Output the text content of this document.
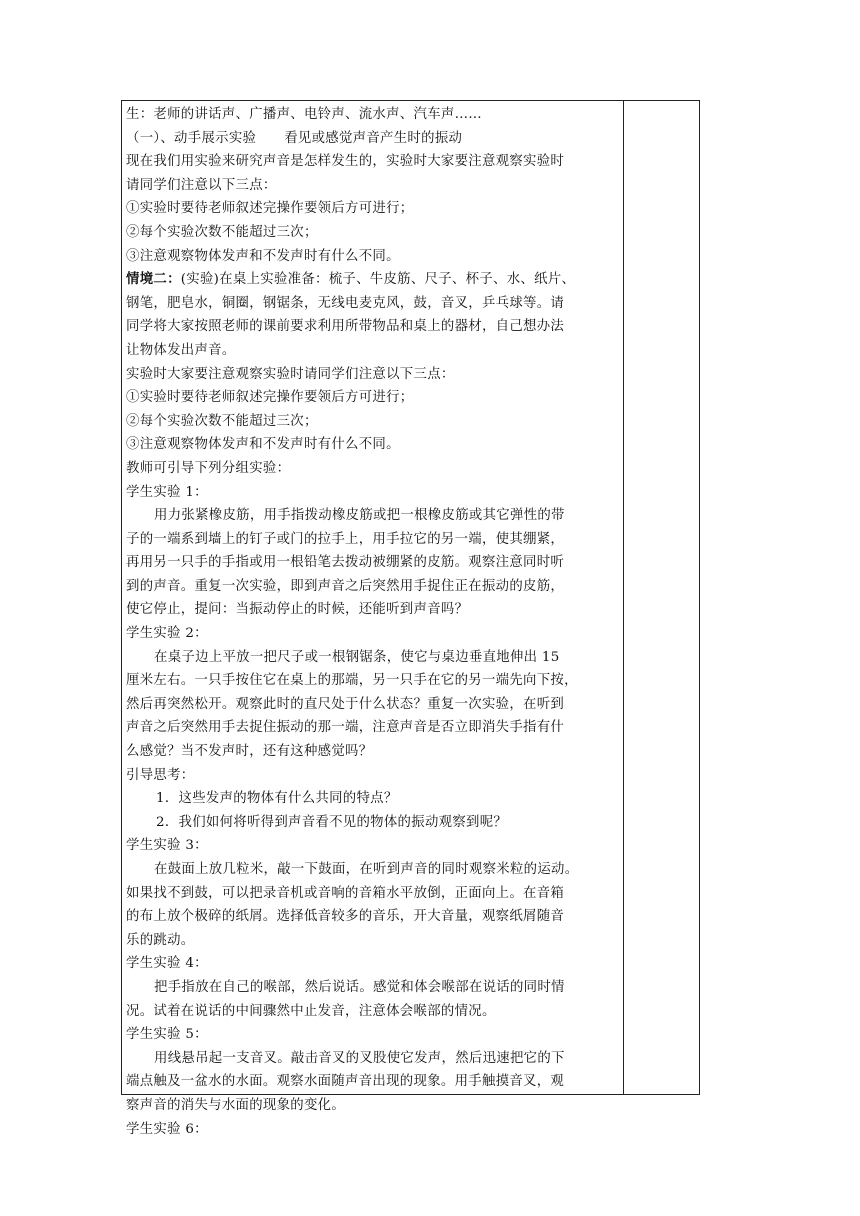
生：老师的讲话声、广播声、电铃声、流水声、汽车声……
（一）、动手展示实验 看见或感觉声音产生时的振动
现在我们用实验来研究声音是怎样发生的，实验时大家要注意观察实验时
请同学们注意以下三点：
①实验时要待老师叙述完操作要领后方可进行；
②每个实验次数不能超过三次；
③注意观察物体发声和不发声时有什么不同。
情境二：(实验)在桌上实验准备：梳子、牛皮筋、尺子、杯子、水、纸片、
钢笔，肥皂水，铜圈，钢锯条，无线电麦克风，鼓，音叉，乒乓球等。请
同学将大家按照老师的课前要求利用所带物品和桌上的器材，自己想办法
让物体发出声音。
实验时大家要注意观察实验时请同学们注意以下三点：
①实验时要待老师叙述完操作要领后方可进行；
②每个实验次数不能超过三次；
③注意观察物体发声和不发声时有什么不同。
教师可引导下列分组实验：
学生实验 1：
用力张紧橡皮筋，用手指拨动橡皮筋或把一根橡皮筋或其它弹性的带
子的一端系到墙上的钉子或门的拉手上，用手拉它的另一端，使其绷紧，
再用另一只手的手指或用一根铅笔去拨动被绷紧的皮筋。观察注意同时听
到的声音。重复一次实验，即到声音之后突然用手捉住正在振动的皮筋，
使它停止，提问：当振动停止的时候，还能听到声音吗？
学生实验 2：
在桌子边上平放一把尺子或一根钢锯条，使它与桌边垂直地伸出 15
厘米左右。一只手按住它在桌上的那端，另一只手在它的另一端先向下按，
然后再突然松开。观察此时的直尺处于什么状态？重复一次实验，在听到
声音之后突然用手去捉住振动的那一端，注意声音是否立即消失手指有什
么感觉？当不发声时，还有这种感觉吗？
引导思考：
1．这些发声的物体有什么共同的特点？
2．我们如何将听得到声音看不见的物体的振动观察到呢？
学生实验 3：
在鼓面上放几粒米，敲一下鼓面，在听到声音的同时观察米粒的运动。
如果找不到鼓，可以把录音机或音响的音箱水平放倒，正面向上。在音箱
的布上放个极碎的纸屑。选择低音较多的音乐，开大音量，观察纸屑随音
乐的跳动。
学生实验 4：
把手指放在自己的喉部，然后说话。感觉和体会喉部在说话的同时情
况。试着在说话的中间骤然中止发音，注意体会喉部的情况。
学生实验 5：
用线悬吊起一支音叉。敲击音叉的叉股使它发声，然后迅速把它的下
端点触及一盆水的水面。观察水面随声音出现的现象。用手触摸音叉，观
察声音的消失与水面的现象的变化。
学生实验 6：
